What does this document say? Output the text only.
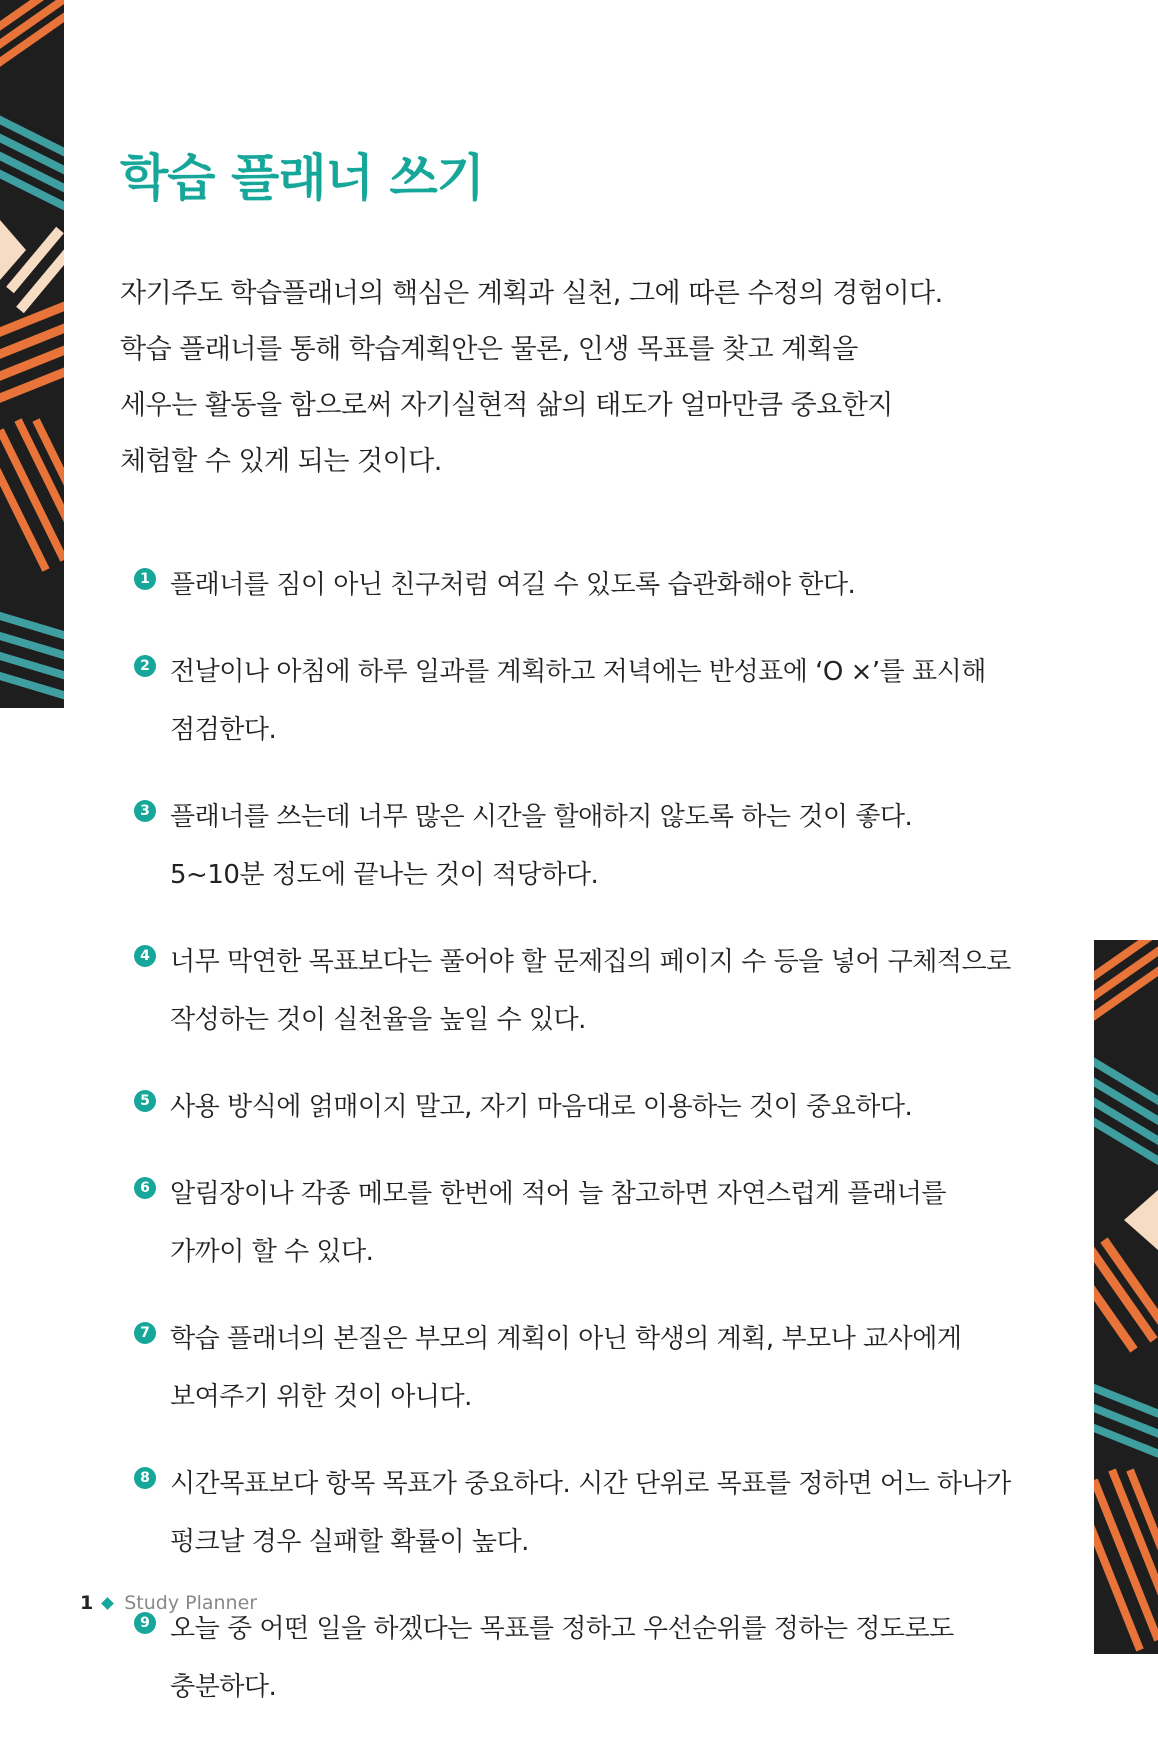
학습 플래너 쓰기

자기주도 학습플래너의 핵심은 계획과 실천, 그에 따른 수정의 경험이다.

학습 플래너를 통해 학습계획안은 물론, 인생 목표를 찾고 계획을

세우는 활동을 함으로써 자기실현적 삶의 태도가 얼마만큼 중요한지

체험할 수 있게 되는 것이다.

1 플래너를 짐이 아닌 친구처럼 여길 수 있도록 습관화해야 한다.
2 전날이나 아침에 하루 일과를 계획하고 저녁에는 반성표에 ‘O ×’를 표시해
점검한다.
3 플래너를 쓰는데 너무 많은 시간을 할애하지 않도록 하는 것이 좋다.
5~10분 정도에 끝나는 것이 적당하다.
4 너무 막연한 목표보다는 풀어야 할 문제집의 페이지 수 등을 넣어 구체적으로
작성하는 것이 실천율을 높일 수 있다.
5 사용 방식에 얽매이지 말고, 자기 마음대로 이용하는 것이 중요하다.
6 알림장이나 각종 메모를 한번에 적어 늘 참고하면 자연스럽게 플래너를
가까이 할 수 있다.
7 학습 플래너의 본질은 부모의 계획이 아닌 학생의 계획, 부모나 교사에게
보여주기 위한 것이 아니다.
8 시간목표보다 항목 목표가 중요하다. 시간 단위로 목표를 정하면 어느 하나가
펑크날 경우 실패할 확률이 높다.
9 오늘 중 어떤 일을 하겠다는 목표를 정하고 우선순위를 정하는 정도로도
충분하다.
1 Study Planner
